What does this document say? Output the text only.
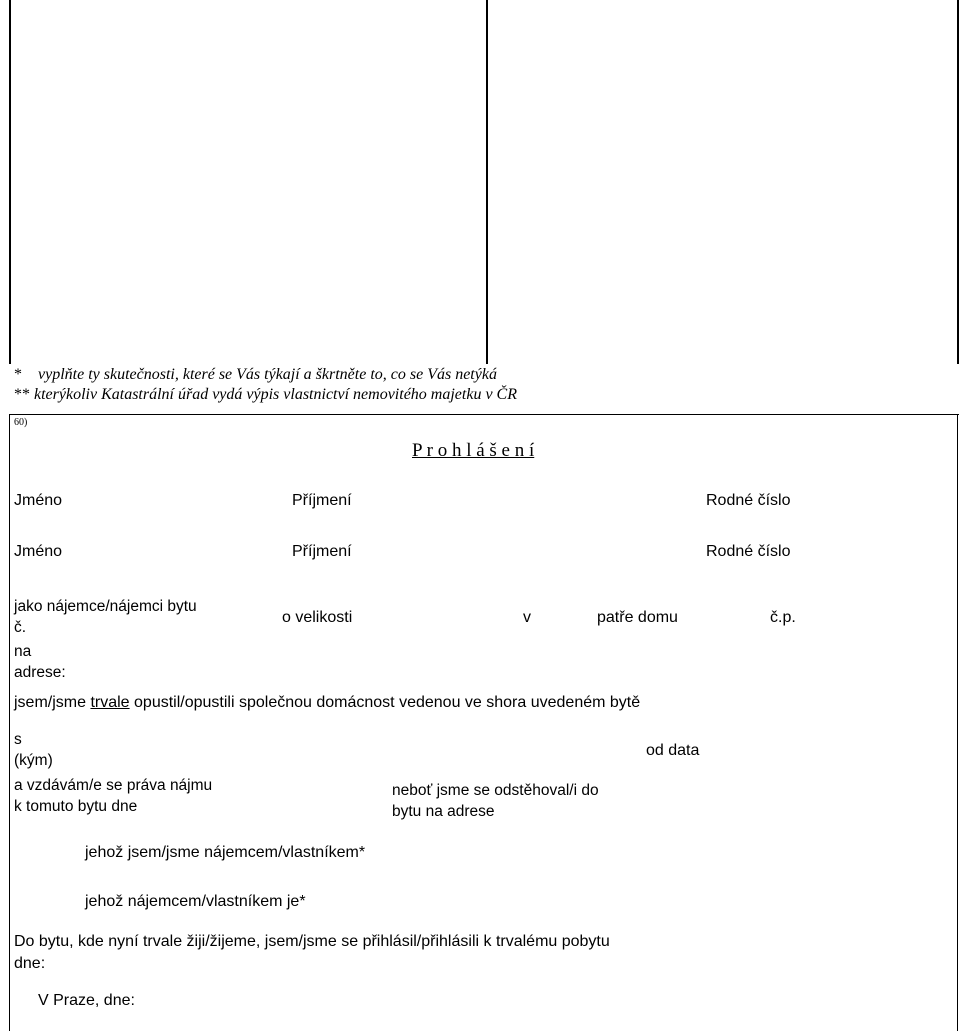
* vyplňte ty skutečnosti, které se Vás týkají a škrtněte to, co se Vás netýká
** kterýkoliv Katastrální úřad vydá výpis vlastnictví nemovitého majetku v ČR
60)
P r o h l á š e n í
Jméno	Příjmení	Rodné číslo
Jméno	Příjmení	Rodné číslo
jako nájemce/nájemci bytu
č.
o velikosti	v	patře domu	č.p.
na
adrese:
jsem/jsme trvale opustil/opustili společnou domácnost vedenou ve shora uvedeném bytě
s
(kým)
od data
a vzdávám/e se práva nájmu
k tomuto bytu dne
neboť jsme se odstěhoval/i do
bytu na adrese
jehož jsem/jsme nájemcem/vlastníkem*
jehož nájemcem/vlastníkem je*
Do bytu, kde nyní trvale žiji/žijeme, jsem/jsme se přihlásil/přihlásili k trvalému pobytu
dne:
V Praze, dne:
